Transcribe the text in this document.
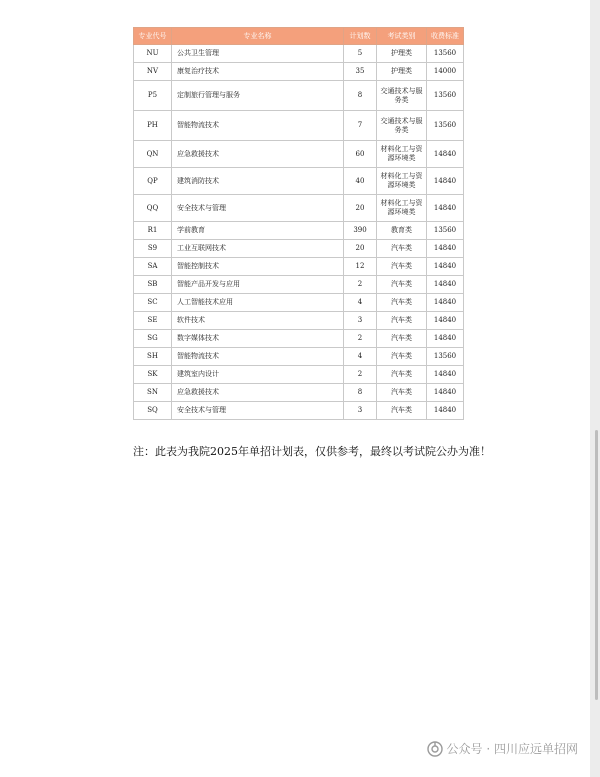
专业代号	专业名称	计划数	考试类别	收费标准
NU	公共卫生管理	5	护理类	13560
NV	康复治疗技术	35	护理类	14000
P5	定制旅行管理与服务	8	交通技术与服务类	13560
PH	智能物流技术	7	交通技术与服务类	13560
QN	应急救援技术	60	材料化工与资源环境类	14840
QP	建筑消防技术	40	材料化工与资源环境类	14840
QQ	安全技术与管理	20	材料化工与资源环境类	14840
R1	学前教育	390	教育类	13560
S9	工业互联网技术	20	汽车类	14840
SA	智能控制技术	12	汽车类	14840
SB	智能产品开发与应用	2	汽车类	14840
SC	人工智能技术应用	4	汽车类	14840
SE	软件技术	3	汽车类	14840
SG	数字媒体技术	2	汽车类	14840
SH	智能物流技术	4	汽车类	13560
SK	建筑室内设计	2	汽车类	14840
SN	应急救援技术	8	汽车类	14840
SQ	安全技术与管理	3	汽车类	14840
注：此表为我院2025年单招计划表，仅供参考，最终以考试院公办为准！
公众号 · 四川应远单招网
